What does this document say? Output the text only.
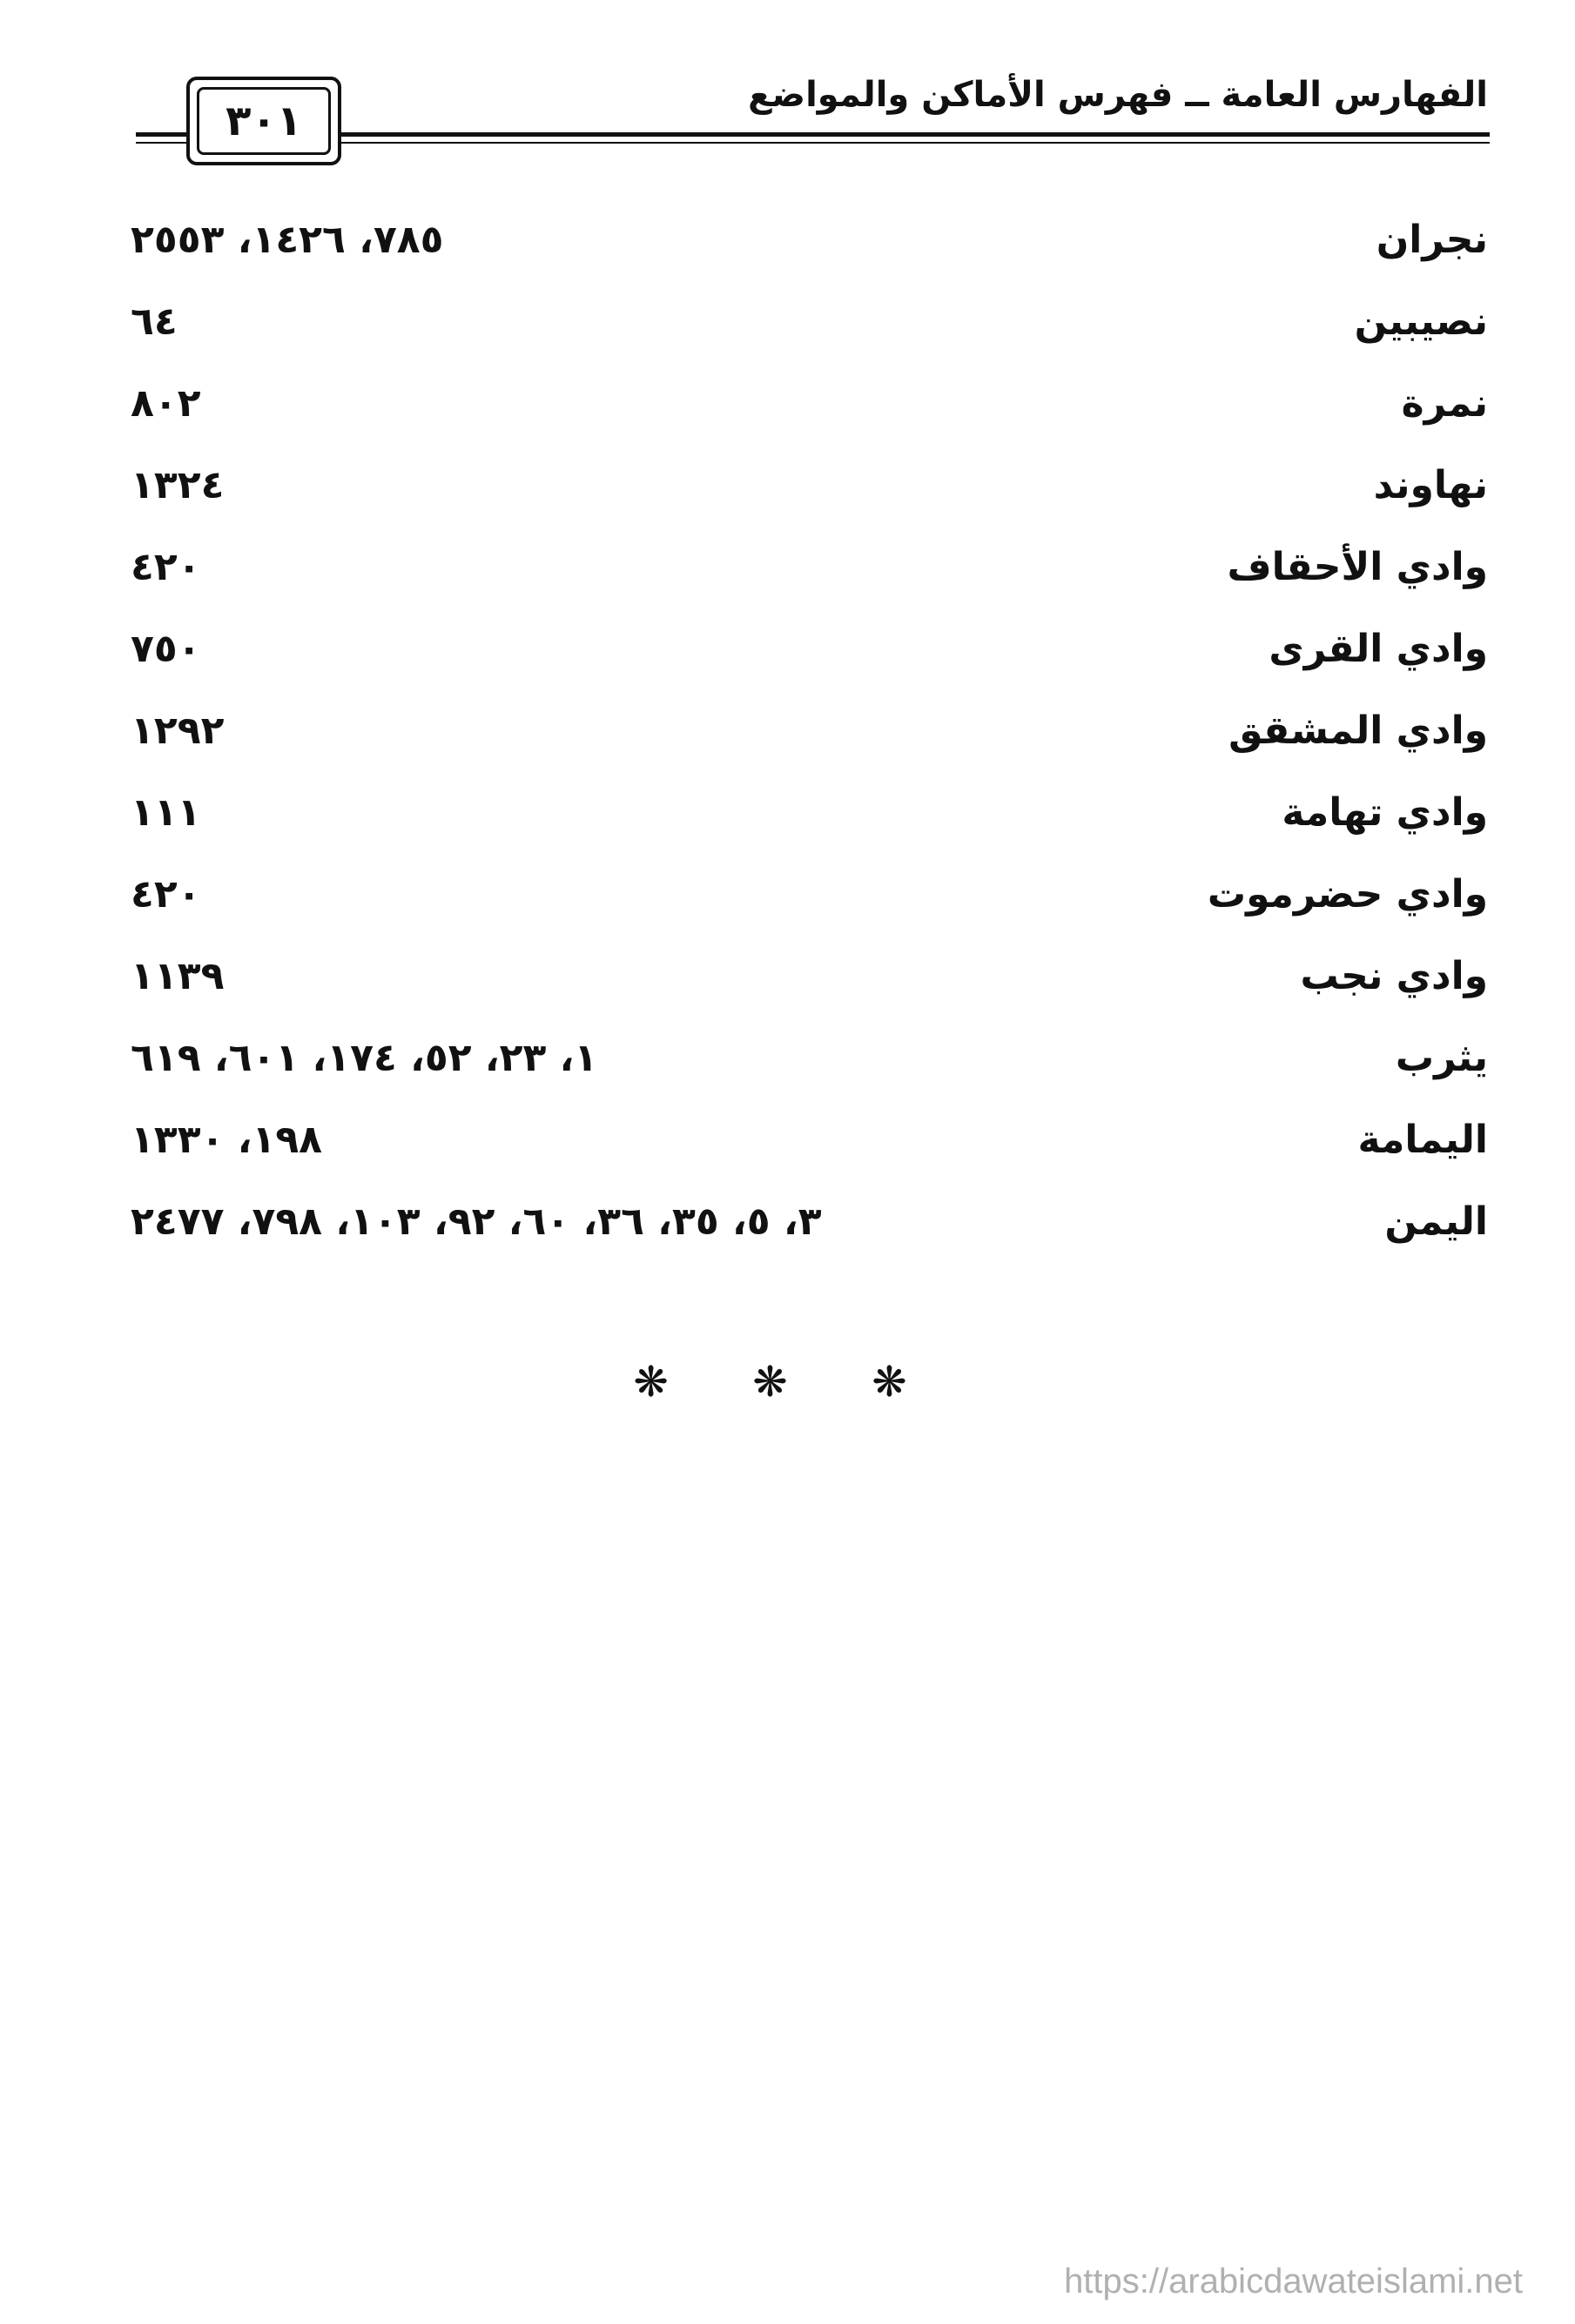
الفهارس العامة ــ فهرس الأماكن والمواضع
٣٠١
نجران
٧٨٥، ١٤٢٦، ٢٥٥٣
نصيبين
٦٤
نمرة
٨٠٢
نهاوند
١٣٢٤
وادي الأحقاف
٤٢٠
وادي القرى
٧٥٠
وادي المشقق
١٢٩٢
وادي تهامة
١١١
وادي حضرموت
٤٢٠
وادي نجب
١١٣٩
يثرب
١، ٢٣، ٥٢، ١٧٤، ٦٠١، ٦١٩
اليمامة
١٩٨، ١٣٣٠
اليمن
٣، ٥، ٣٥، ٣٦، ٦٠، ٩٢، ١٠٣، ٧٩٨، ٢٤٧٧
❋ ❋ ❋
https://arabicdawateislami.net
